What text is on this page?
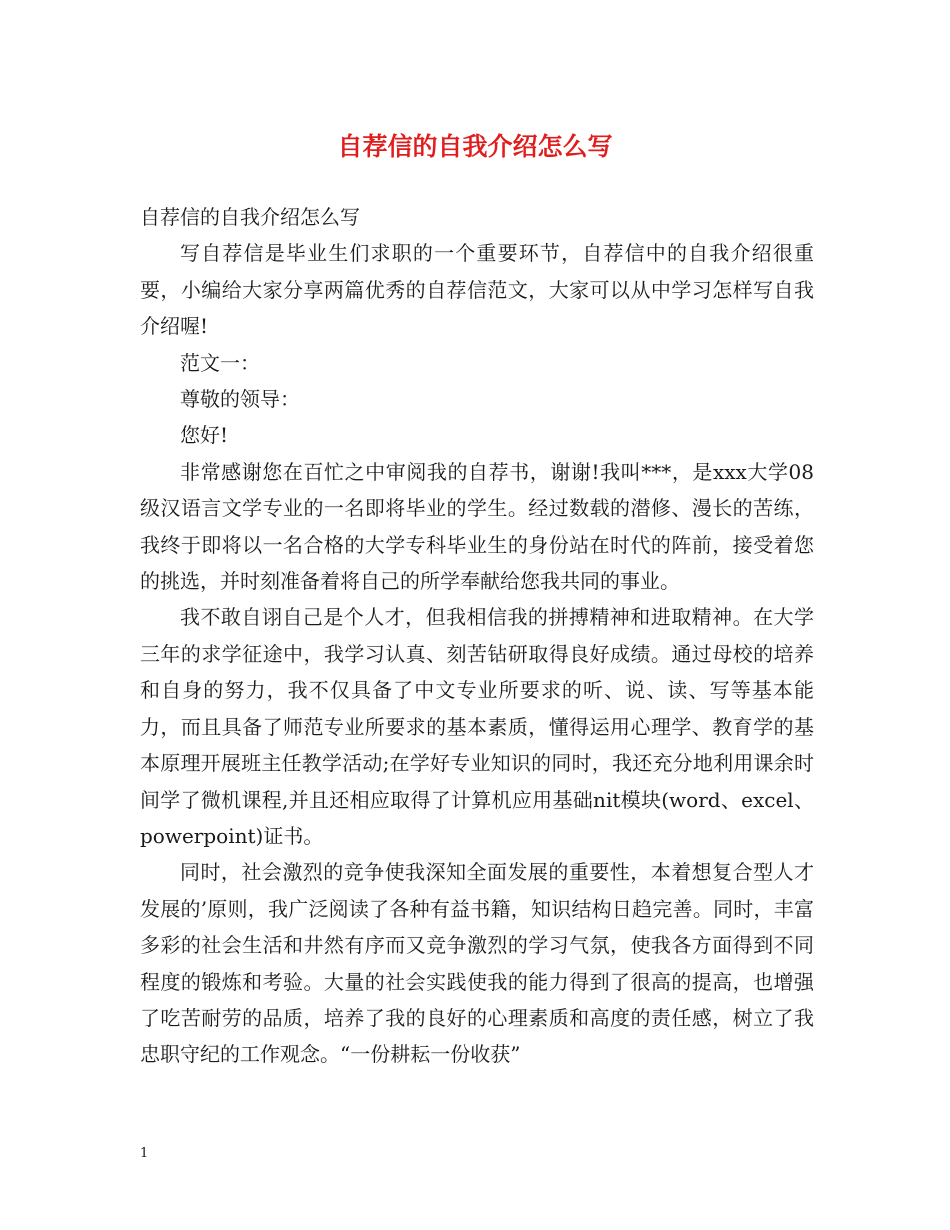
自荐信的自我介绍怎么写

自荐信的自我介绍怎么写

写自荐信是毕业生们求职的一个重要环节，自荐信中的自我介绍很重要，小编给大家分享两篇优秀的自荐信范文，大家可以从中学习怎样写自我介绍喔!

范文一：

尊敬的领导：

您好!

非常感谢您在百忙之中审阅我的自荐书，谢谢!我叫***，是xxx大学08级汉语言文学专业的一名即将毕业的学生。经过数载的潜修、漫长的苦练，我终于即将以一名合格的大学专科毕业生的身份站在时代的阵前，接受着您的挑选，并时刻准备着将自己的所学奉献给您我共同的事业。

我不敢自诩自己是个人才，但我相信我的拼搏精神和进取精神。在大学三年的求学征途中，我学习认真、刻苦钻研取得良好成绩。通过母校的培养和自身的努力，我不仅具备了中文专业所要求的听、说、读、写等基本能力，而且具备了师范专业所要求的基本素质，懂得运用心理学、教育学的基本原理开展班主任教学活动;在学好专业知识的同时，我还充分地利用课余时间学了微机课程,并且还相应取得了计算机应用基础nit模块(word、excel、powerpoint)证书。

同时，社会激烈的竞争使我深知全面发展的重要性，本着想复合型人才发展的’原则，我广泛阅读了各种有益书籍，知识结构日趋完善。同时，丰富多彩的社会生活和井然有序而又竞争激烈的学习气氛，使我各方面得到不同程度的锻炼和考验。大量的社会实践使我的能力得到了很高的提高，也增强了吃苦耐劳的品质，培养了我的良好的心理素质和高度的责任感，树立了我忠职守纪的工作观念。“一份耕耘一份收获”

1
